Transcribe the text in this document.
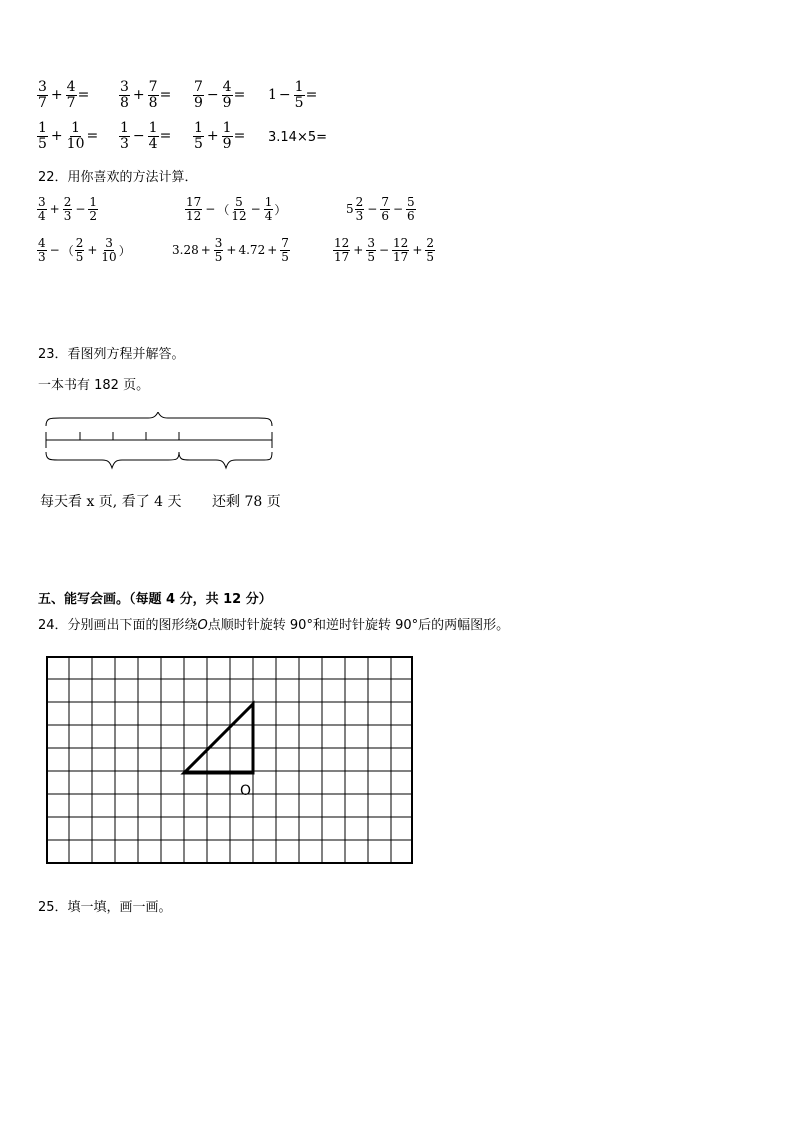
$\frac{3}{7} + \frac{4}{7} = \frac{3}{8} + \frac{7}{8} = \frac{7}{9} - \frac{4}{9} = 1 - \frac{1}{5}$ =
$\frac{1}{5} + \frac{1}{10} = \frac{1}{3} - \frac{1}{4} = \frac{1}{5} + \frac{1}{9} = 3.14\times 5=$
22．用你喜欢的方法计算．
$\frac{3}{4} + \frac{2}{3} - \frac{1}{2}$	$\frac{17}{12}$ − （ $\frac{5}{12} - \frac{1}{4}$ ）	$5 \frac{2}{3} - \frac{7}{6} - \frac{5}{6}$
$\frac{4}{3}$ − （ $\frac{2}{5} + \frac{3}{10}$ ）	$3.28 + \frac{3}{5} + 4.72 + \frac{7}{5}$	$\frac{12}{17} + \frac{3}{5} - \frac{12}{17} + \frac{2}{5}$
23．看图列方程并解答。
一本书有 182 页。
每天看 x 页, 看了 4 天 还剩 78 页
五、能写会画。（每题 4 分，共 12 分）
24．分别画出下面的图形绕O点顺时针旋转 90°和逆时针旋转 90°后的两幅图形。
O
25．填一填，画一画。
